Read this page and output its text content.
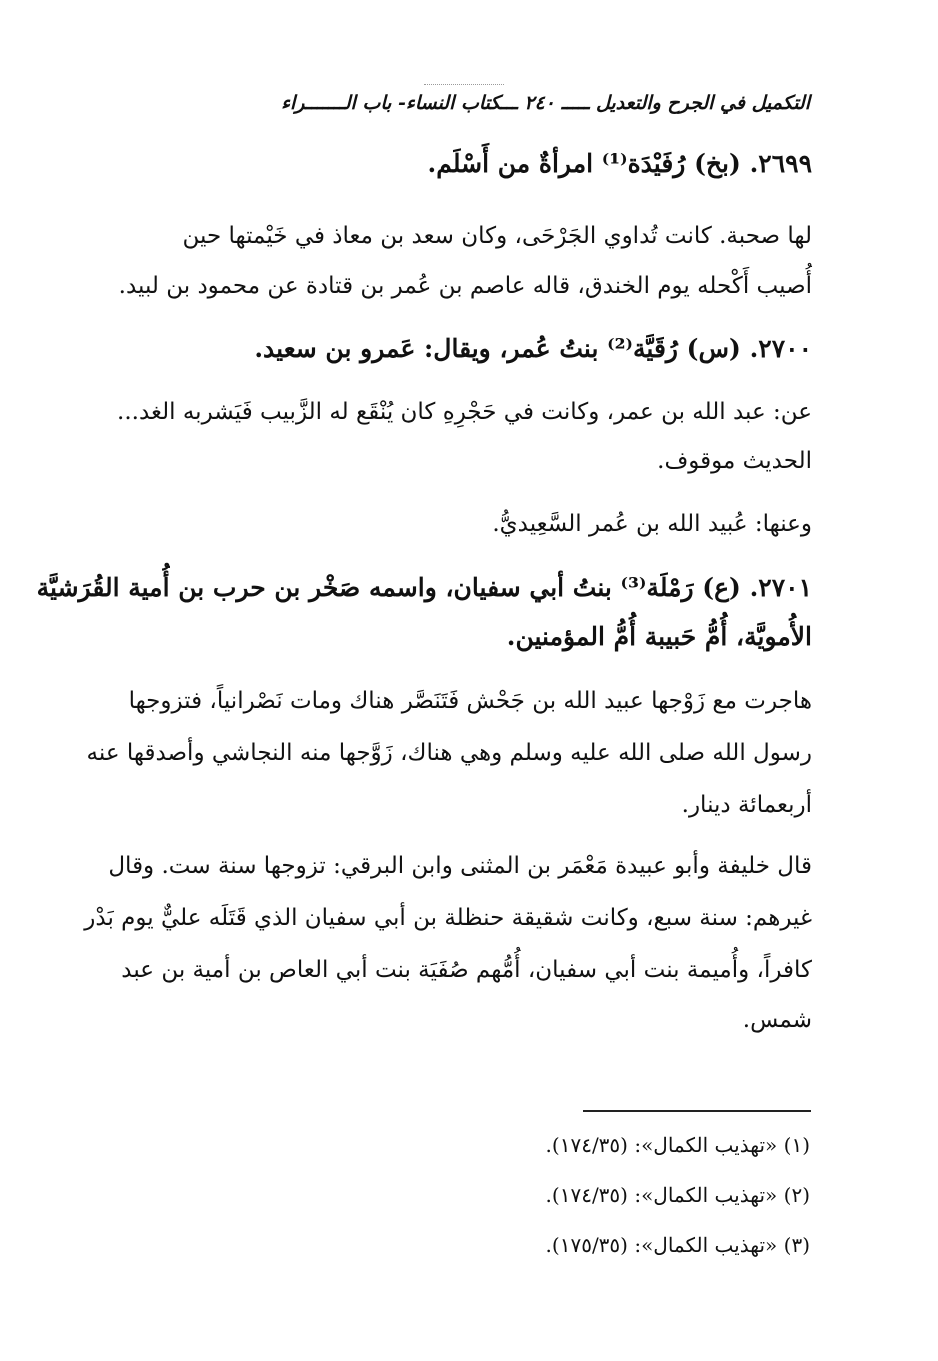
التكميل في الجرح والتعديل ـــــ ٢٤٠ ـــكتاب النساء- باب الـــــــراء
٢٦٩٩. (بخ) رُفَيْدَة⁽¹⁾ امرأةٌ من أَسْلَم.
لها صحبة. كانت تُداوي الجَرْحَى، وكان سعد بن معاذ في خَيْمتها حين
أُصيب أَكْحله يوم الخندق، قاله عاصم بن عُمر بن قتادة عن محمود بن لبيد.
٢٧٠٠. (س) رُقَيَّة⁽²⁾ بنتُ عُمر، ويقال: عَمرو بن سعيد.
عن: عبد الله بن عمر، وكانت في حَجْرِهِ كان يُنْقَع له الزَّبيب فَيَشربه الغد...
الحديث موقوف.
وعنها: عُبيد الله بن عُمر السَّعِيديُّ.
٢٧٠١. (ع) رَمْلَة⁽³⁾ بنتُ أبي سفيان، واسمه صَخْر بن حرب بن أُمية القُرَشيَّة
الأُمويَّة، أُمُّ حَبيبة أُمُّ المؤمنين.
هاجرت مع زَوْجها عبيد الله بن جَحْش فَتَنَصَّر هناك ومات نَصْرانياً، فتزوجها
رسول الله صلى الله عليه وسلم وهي هناك، زَوَّجها منه النجاشي وأصدقها عنه
أربعمائة دينار.
قال خليفة وأبو عبيدة مَعْمَر بن المثنى وابن البرقي: تزوجها سنة ست. وقال
غيرهم: سنة سبع، وكانت شقيقة حنظلة بن أبي سفيان الذي قَتَلَه عليٌّ يوم بَدْر
كافراً، وأُميمة بنت أبي سفيان، أُمُّهم صُفَيَة بنت أبي العاص بن أمية بن عبد
شمس.
(١) «تهذيب الكمال»: (١٧٤/٣٥).
(٢) «تهذيب الكمال»: (١٧٤/٣٥).
(٣) «تهذيب الكمال»: (١٧٥/٣٥).
